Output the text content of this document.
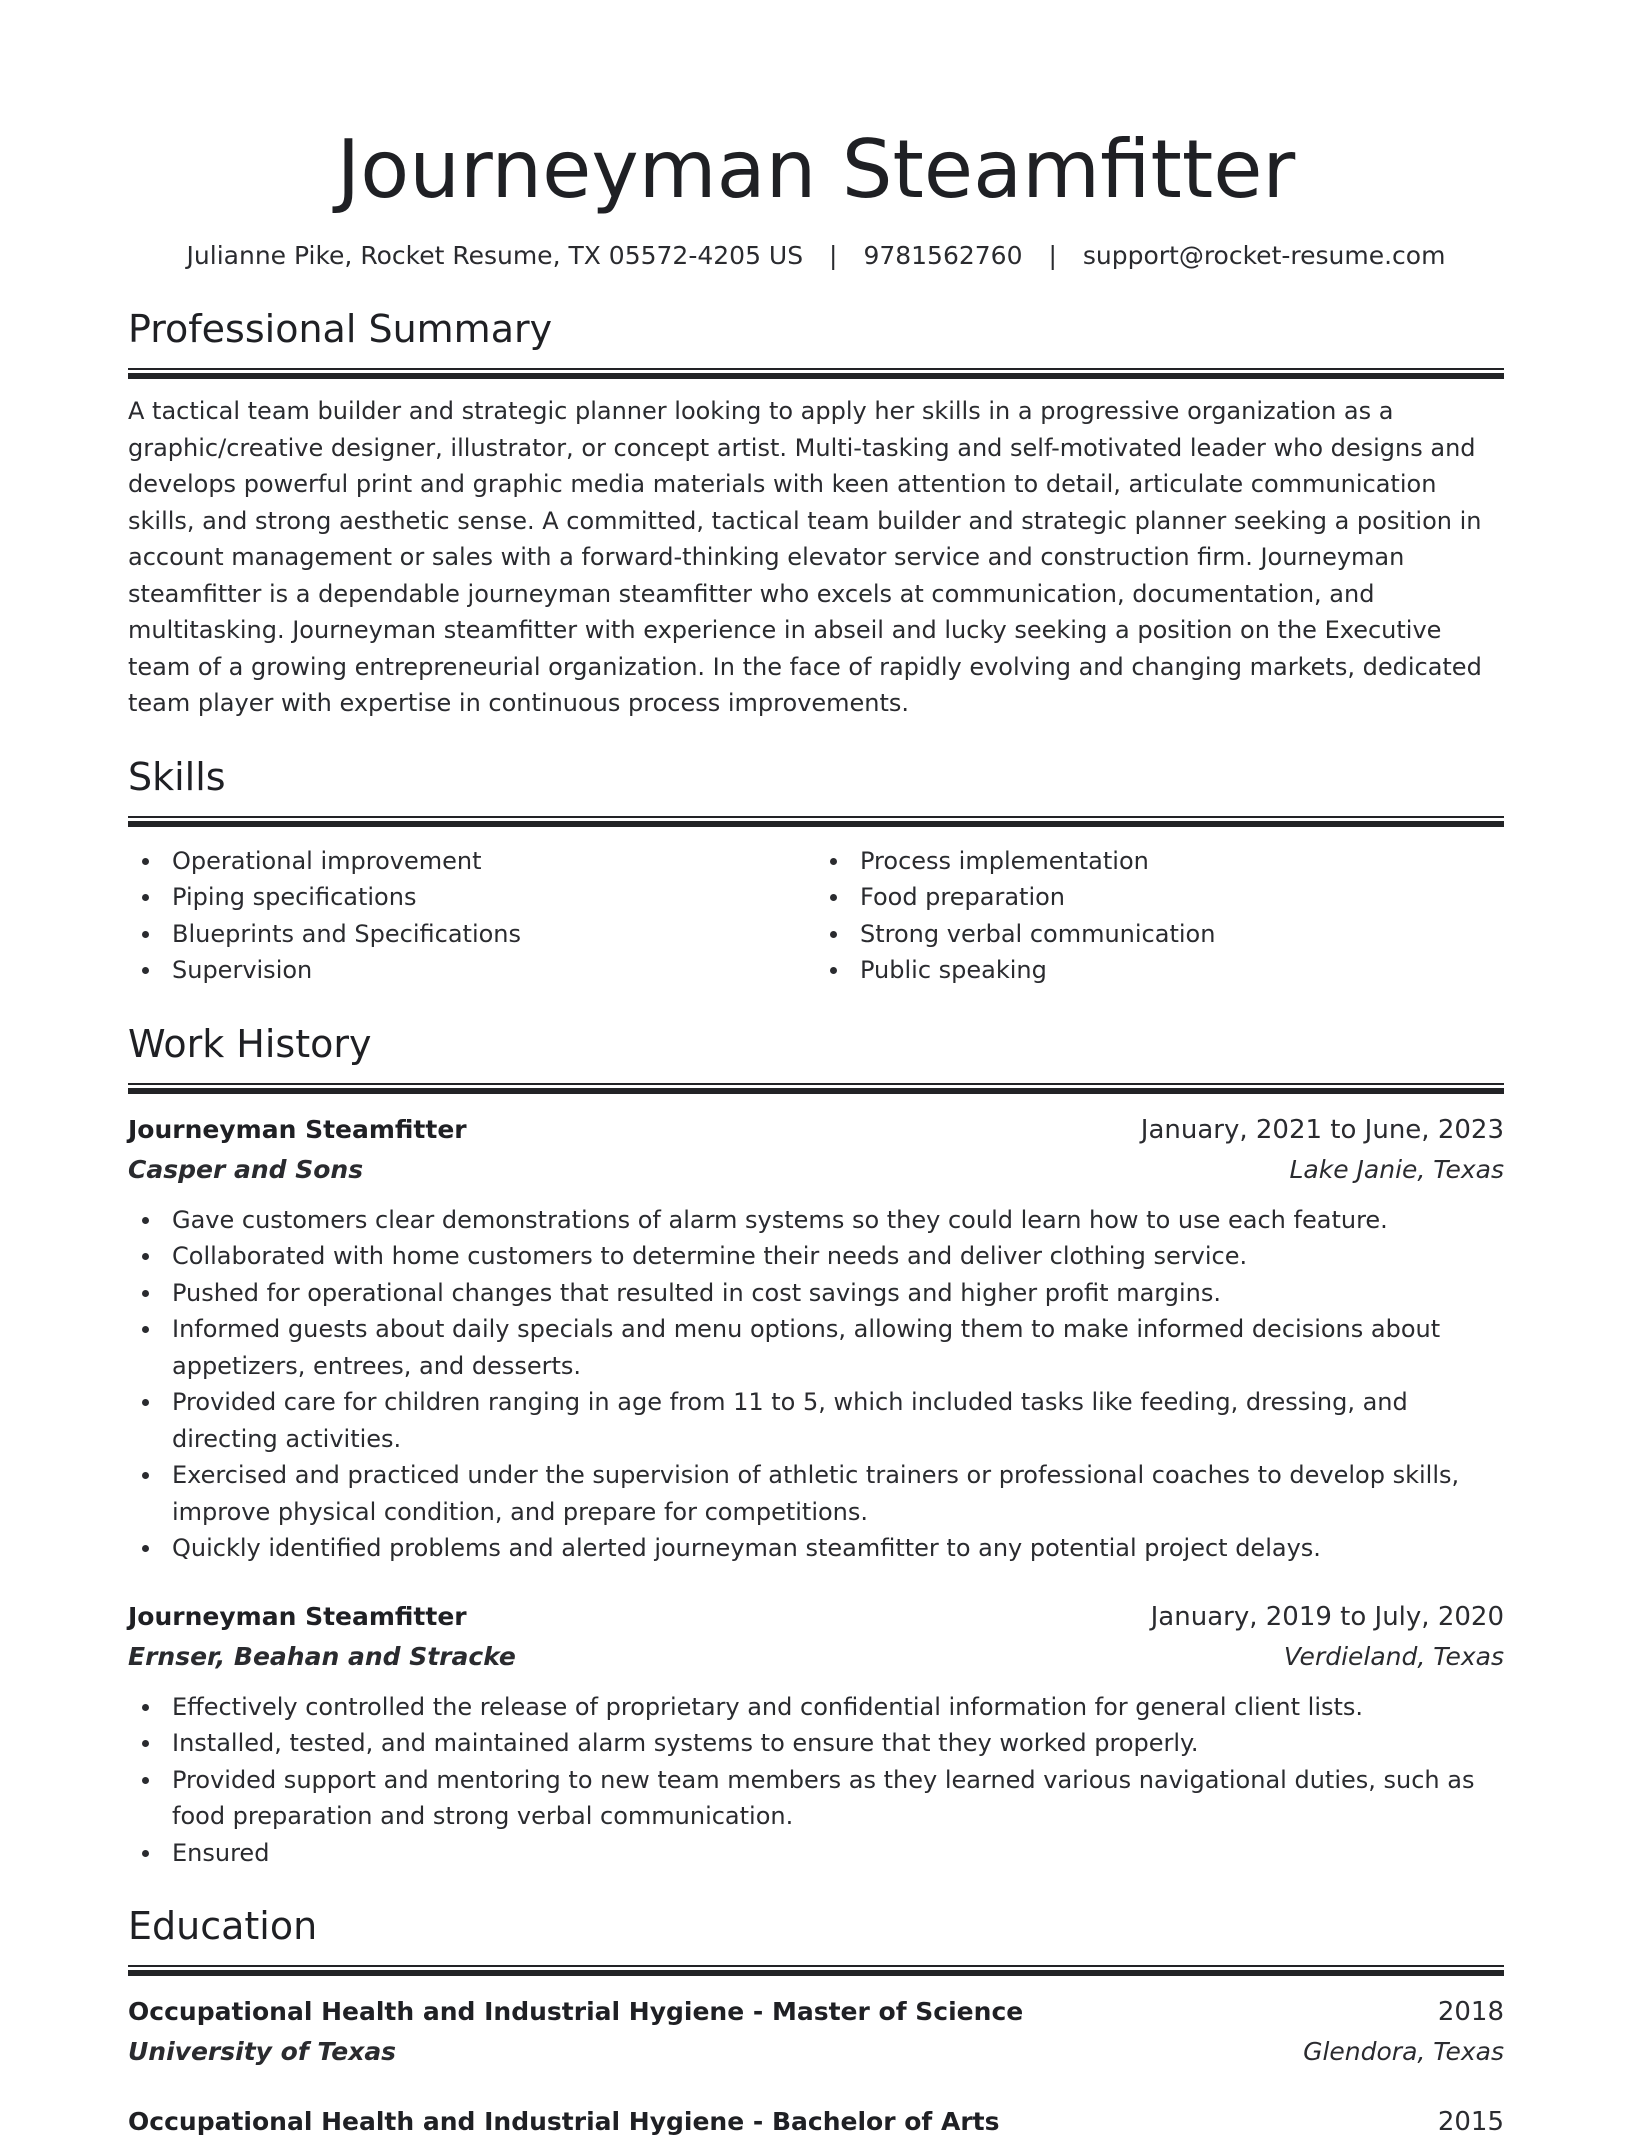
Journeyman Steamfitter
Julianne Pike, Rocket Resume, TX 05572-4205 US | 9781562760 | support@rocket-resume.com
Professional Summary
A tactical team builder and strategic planner looking to apply her skills in a progressive organization as a graphic/creative designer, illustrator, or concept artist. Multi-tasking and self-motivated leader who designs and develops powerful print and graphic media materials with keen attention to detail, articulate communication skills, and strong aesthetic sense. A committed, tactical team builder and strategic planner seeking a position in account management or sales with a forward-thinking elevator service and construction firm. Journeyman steamfitter is a dependable journeyman steamfitter who excels at communication, documentation, and multitasking. Journeyman steamfitter with experience in abseil and lucky seeking a position on the Executive team of a growing entrepreneurial organization. In the face of rapidly evolving and changing markets, dedicated team player with expertise in continuous process improvements.
Skills
Operational improvement
Piping specifications
Blueprints and Specifications
Supervision
Process implementation
Food preparation
Strong verbal communication
Public speaking
Work History
Journeyman Steamfitter	January, 2021 to June, 2023
Casper and Sons	Lake Janie, Texas
Gave customers clear demonstrations of alarm systems so they could learn how to use each feature.
Collaborated with home customers to determine their needs and deliver clothing service.
Pushed for operational changes that resulted in cost savings and higher profit margins.
Informed guests about daily specials and menu options, allowing them to make informed decisions about appetizers, entrees, and desserts.
Provided care for children ranging in age from 11 to 5, which included tasks like feeding, dressing, and directing activities.
Exercised and practiced under the supervision of athletic trainers or professional coaches to develop skills, improve physical condition, and prepare for competitions.
Quickly identified problems and alerted journeyman steamfitter to any potential project delays.
Journeyman Steamfitter	January, 2019 to July, 2020
Ernser, Beahan and Stracke	Verdieland, Texas
Effectively controlled the release of proprietary and confidential information for general client lists.
Installed, tested, and maintained alarm systems to ensure that they worked properly.
Provided support and mentoring to new team members as they learned various navigational duties, such as food preparation and strong verbal communication.
Ensured
Education
Occupational Health and Industrial Hygiene - Master of Science	2018
University of Texas	Glendora, Texas
Occupational Health and Industrial Hygiene - Bachelor of Arts	2015
